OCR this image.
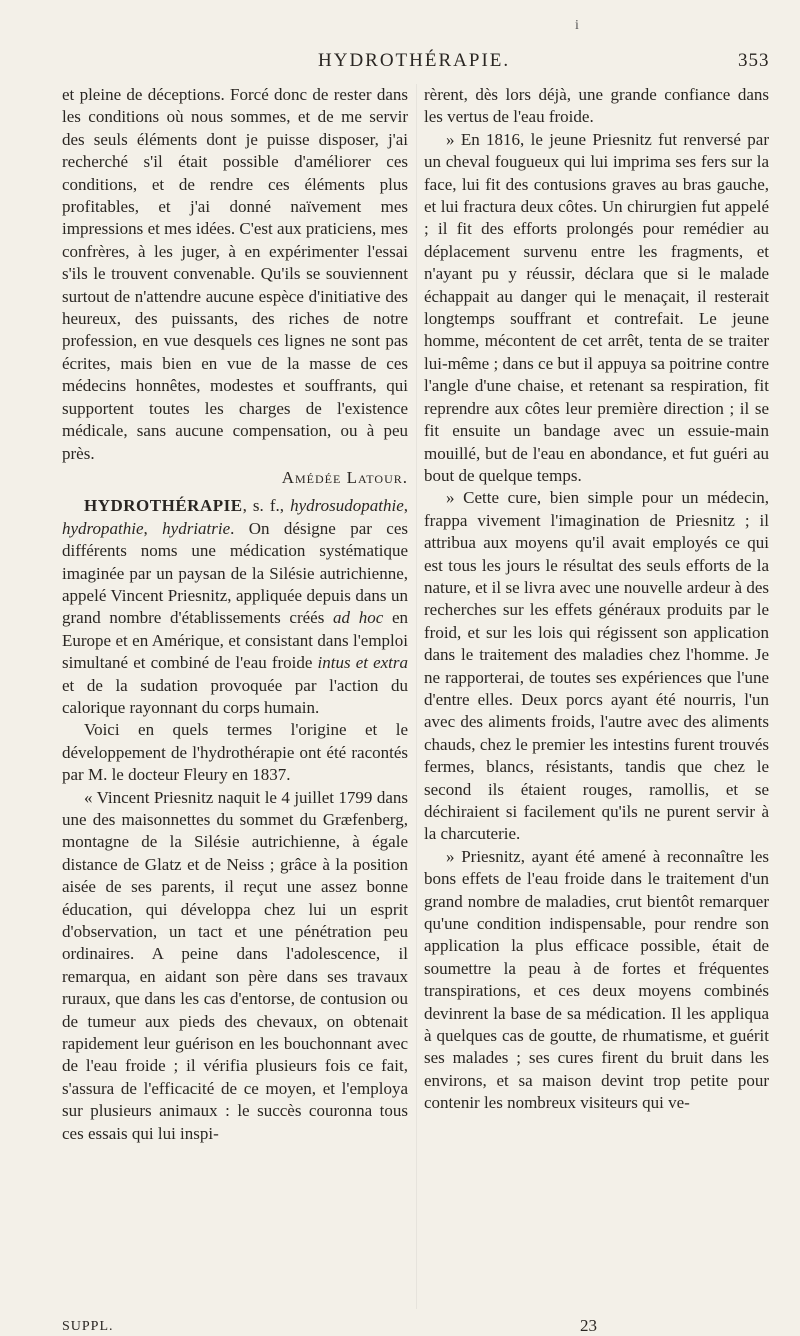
i
HYDROTHÉRAPIE.	353

et pleine de déceptions. Forcé donc de rester dans les conditions où nous sommes, et de me servir des seuls éléments dont je puisse disposer, j'ai recherché s'il était possible d'améliorer ces conditions, et de rendre ces éléments plus profitables, et j'ai donné naïvement mes impressions et mes idées. C'est aux praticiens, mes confrères, à les juger, à en expérimenter l'essai s'ils le trouvent convenable. Qu'ils se souviennent surtout de n'attendre aucune espèce d'initiative des heureux, des puissants, des riches de notre profession, en vue desquels ces lignes ne sont pas écrites, mais bien en vue de la masse de ces médecins honnêtes, modestes et souffrants, qui supportent toutes les charges de l'existence médicale, sans aucune compensation, ou à peu près.

Amédée Latour.

HYDROTHÉRAPIE, s. f., hydrosudopathie, hydropathie, hydriatrie. On désigne par ces différents noms une médication systématique imaginée par un paysan de la Silésie autrichienne, appelé Vincent Priesnitz, appliquée depuis dans un grand nombre d'établissements créés ad hoc en Europe et en Amérique, et consistant dans l'emploi simultané et combiné de l'eau froide intus et extra et de la sudation provoquée par l'action du calorique rayonnant du corps humain.

Voici en quels termes l'origine et le développement de l'hydrothérapie ont été racontés par M. le docteur Fleury en 1837.

« Vincent Priesnitz naquit le 4 juillet 1799 dans une des maisonnettes du sommet du Græfenberg, montagne de la Silésie autrichienne, à égale distance de Glatz et de Neiss ; grâce à la position aisée de ses parents, il reçut une assez bonne éducation, qui développa chez lui un esprit d'observation, un tact et une pénétration peu ordinaires. A peine dans l'adolescence, il remarqua, en aidant son père dans ses travaux ruraux, que dans les cas d'entorse, de contusion ou de tumeur aux pieds des chevaux, on obtenait rapidement leur guérison en les bouchonnant avec de l'eau froide ; il vérifia plusieurs fois ce fait, s'assura de l'efficacité de ce moyen, et l'employa sur plusieurs animaux : le succès couronna tous ces essais qui lui inspi-

rèrent, dès lors déjà, une grande confiance dans les vertus de l'eau froide.

» En 1816, le jeune Priesnitz fut renversé par un cheval fougueux qui lui imprima ses fers sur la face, lui fit des contusions graves au bras gauche, et lui fractura deux côtes. Un chirurgien fut appelé ; il fit des efforts prolongés pour remédier au déplacement survenu entre les fragments, et n'ayant pu y réussir, déclara que si le malade échappait au danger qui le menaçait, il resterait longtemps souffrant et contrefait. Le jeune homme, mécontent de cet arrêt, tenta de se traiter lui-même ; dans ce but il appuya sa poitrine contre l'angle d'une chaise, et retenant sa respiration, fit reprendre aux côtes leur première direction ; il se fit ensuite un bandage avec un essuie-main mouillé, but de l'eau en abondance, et fut guéri au bout de quelque temps.

» Cette cure, bien simple pour un médecin, frappa vivement l'imagination de Priesnitz ; il attribua aux moyens qu'il avait employés ce qui est tous les jours le résultat des seuls efforts de la nature, et il se livra avec une nouvelle ardeur à des recherches sur les effets généraux produits par le froid, et sur les lois qui régissent son application dans le traitement des maladies chez l'homme. Je ne rapporterai, de toutes ses expériences que l'une d'entre elles. Deux porcs ayant été nourris, l'un avec des aliments froids, l'autre avec des aliments chauds, chez le premier les intestins furent trouvés fermes, blancs, résistants, tandis que chez le second ils étaient rouges, ramollis, et se déchiraient si facilement qu'ils ne purent servir à la charcuterie.

» Priesnitz, ayant été amené à reconnaître les bons effets de l'eau froide dans le traitement d'un grand nombre de maladies, crut bientôt remarquer qu'une condition indispensable, pour rendre son application la plus efficace possible, était de soumettre la peau à de fortes et fréquentes transpirations, et ces deux moyens combinés devinrent la base de sa médication. Il les appliqua à quelques cas de goutte, de rhumatisme, et guérit ses malades ; ses cures firent du bruit dans les environs, et sa maison devint trop petite pour contenir les nombreux visiteurs qui ve-

SUPPL.	23
